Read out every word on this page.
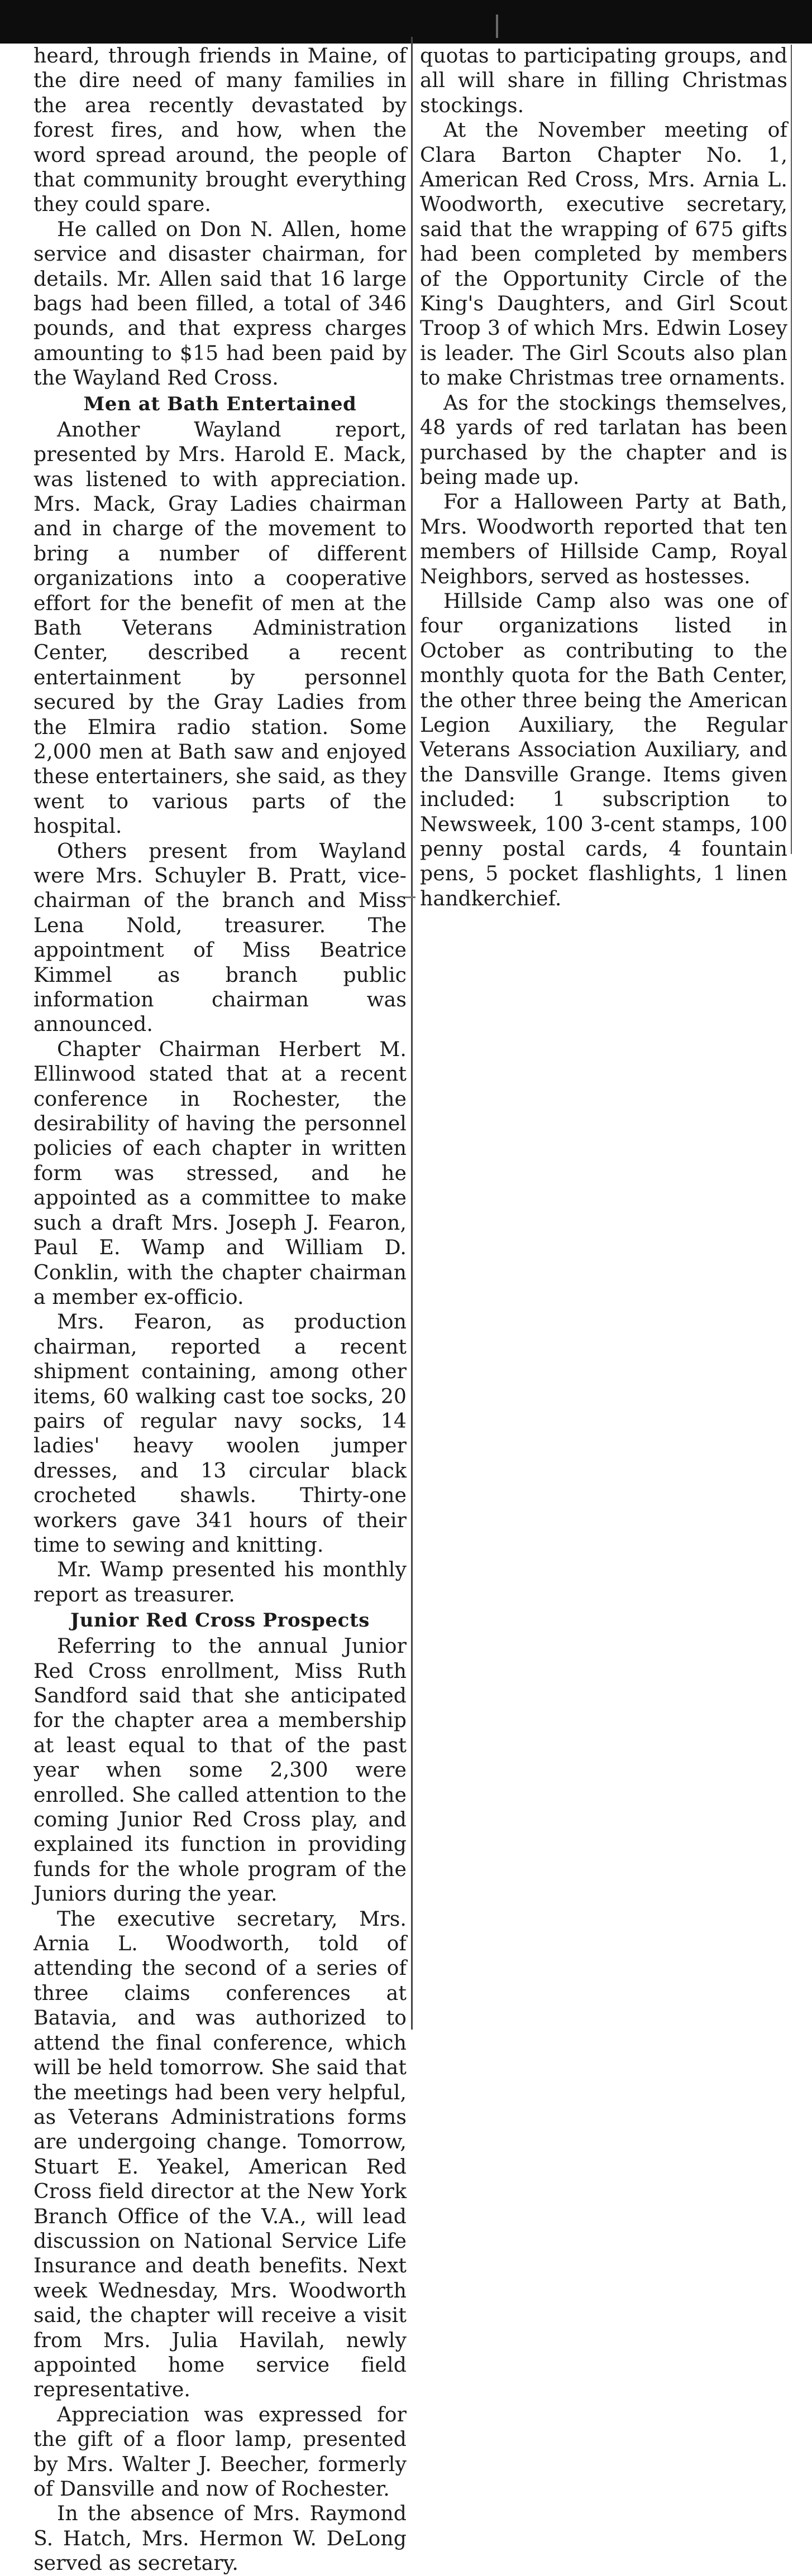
heard, through friends in Maine, of the dire need of many families in the area recently devastated by forest fires, and how, when the word spread around, the people of that community brought everything they could spare.

He called on Don N. Allen, home service and disaster chairman, for details. Mr. Allen said that 16 large bags had been filled, a total of 346 pounds, and that express charges amounting to $15 had been paid by the Wayland Red Cross.

Men at Bath Entertained

Another Wayland report, presented by Mrs. Harold E. Mack, was listened to with appreciation. Mrs. Mack, Gray Ladies chairman and in charge of the movement to bring a number of different organizations into a cooperative effort for the benefit of men at the Bath Veterans Administration Center, described a recent entertainment by personnel secured by the Gray Ladies from the Elmira radio station. Some 2,000 men at Bath saw and enjoyed these entertainers, she said, as they went to various parts of the hospital.

Others present from Wayland were Mrs. Schuyler B. Pratt, vice-chairman of the branch and Miss Lena Nold, treasurer. The appointment of Miss Beatrice Kimmel as branch public information chairman was announced.

Chapter Chairman Herbert M. Ellinwood stated that at a recent conference in Rochester, the desirability of having the personnel policies of each chapter in written form was stressed, and he appointed as a committee to make such a draft Mrs. Joseph J. Fearon, Paul E. Wamp and William D. Conklin, with the chapter chairman a member ex-officio.

Mrs. Fearon, as production chairman, reported a recent shipment containing, among other items, 60 walking cast toe socks, 20 pairs of regular navy socks, 14 ladies' heavy woolen jumper dresses, and 13 circular black crocheted shawls. Thirty-one workers gave 341 hours of their time to sewing and knitting.

Mr. Wamp presented his monthly report as treasurer.

Junior Red Cross Prospects

Referring to the annual Junior Red Cross enrollment, Miss Ruth Sandford said that she anticipated for the chapter area a membership at least equal to that of the past year when some 2,300 were enrolled. She called attention to the coming Junior Red Cross play, and explained its function in providing funds for the whole program of the Juniors during the year.

The executive secretary, Mrs. Arnia L. Woodworth, told of attending the second of a series of three claims conferences at Batavia, and was authorized to attend the final conference, which will be held tomorrow. She said that the meetings had been very helpful, as Veterans Administrations forms are undergoing change. Tomorrow, Stuart E. Yeakel, American Red Cross field director at the New York Branch Office of the V.A., will lead discussion on National Service Life Insurance and death benefits. Next week Wednesday, Mrs. Woodworth said, the chapter will receive a visit from Mrs. Julia Havilah, newly appointed home service field representative.

Appreciation was expressed for the gift of a floor lamp, presented by Mrs. Walter J. Beecher, formerly of Dansville and now of Rochester.

In the absence of Mrs. Raymond S. Hatch, Mrs. Hermon W. DeLong served as secretary.

quotas to participating groups, and all will share in filling Christmas stockings.

At the November meeting of Clara Barton Chapter No. 1, American Red Cross, Mrs. Arnia L. Woodworth, executive secretary, said that the wrapping of 675 gifts had been completed by members of the Opportunity Circle of the King's Daughters, and Girl Scout Troop 3 of which Mrs. Edwin Losey is leader. The Girl Scouts also plan to make Christmas tree ornaments.

As for the stockings themselves, 48 yards of red tarlatan has been purchased by the chapter and is being made up.

For a Halloween Party at Bath, Mrs. Woodworth reported that ten members of Hillside Camp, Royal Neighbors, served as hostesses.

Hillside Camp also was one of four organizations listed in October as contributing to the monthly quota for the Bath Center, the other three being the American Legion Auxiliary, the Regular Veterans Association Auxiliary, and the Dansville Grange. Items given included: 1 subscription to Newsweek, 100 3-cent stamps, 100 penny postal cards, 4 fountain pens, 5 pocket flashlights, 1 linen handkerchief.
